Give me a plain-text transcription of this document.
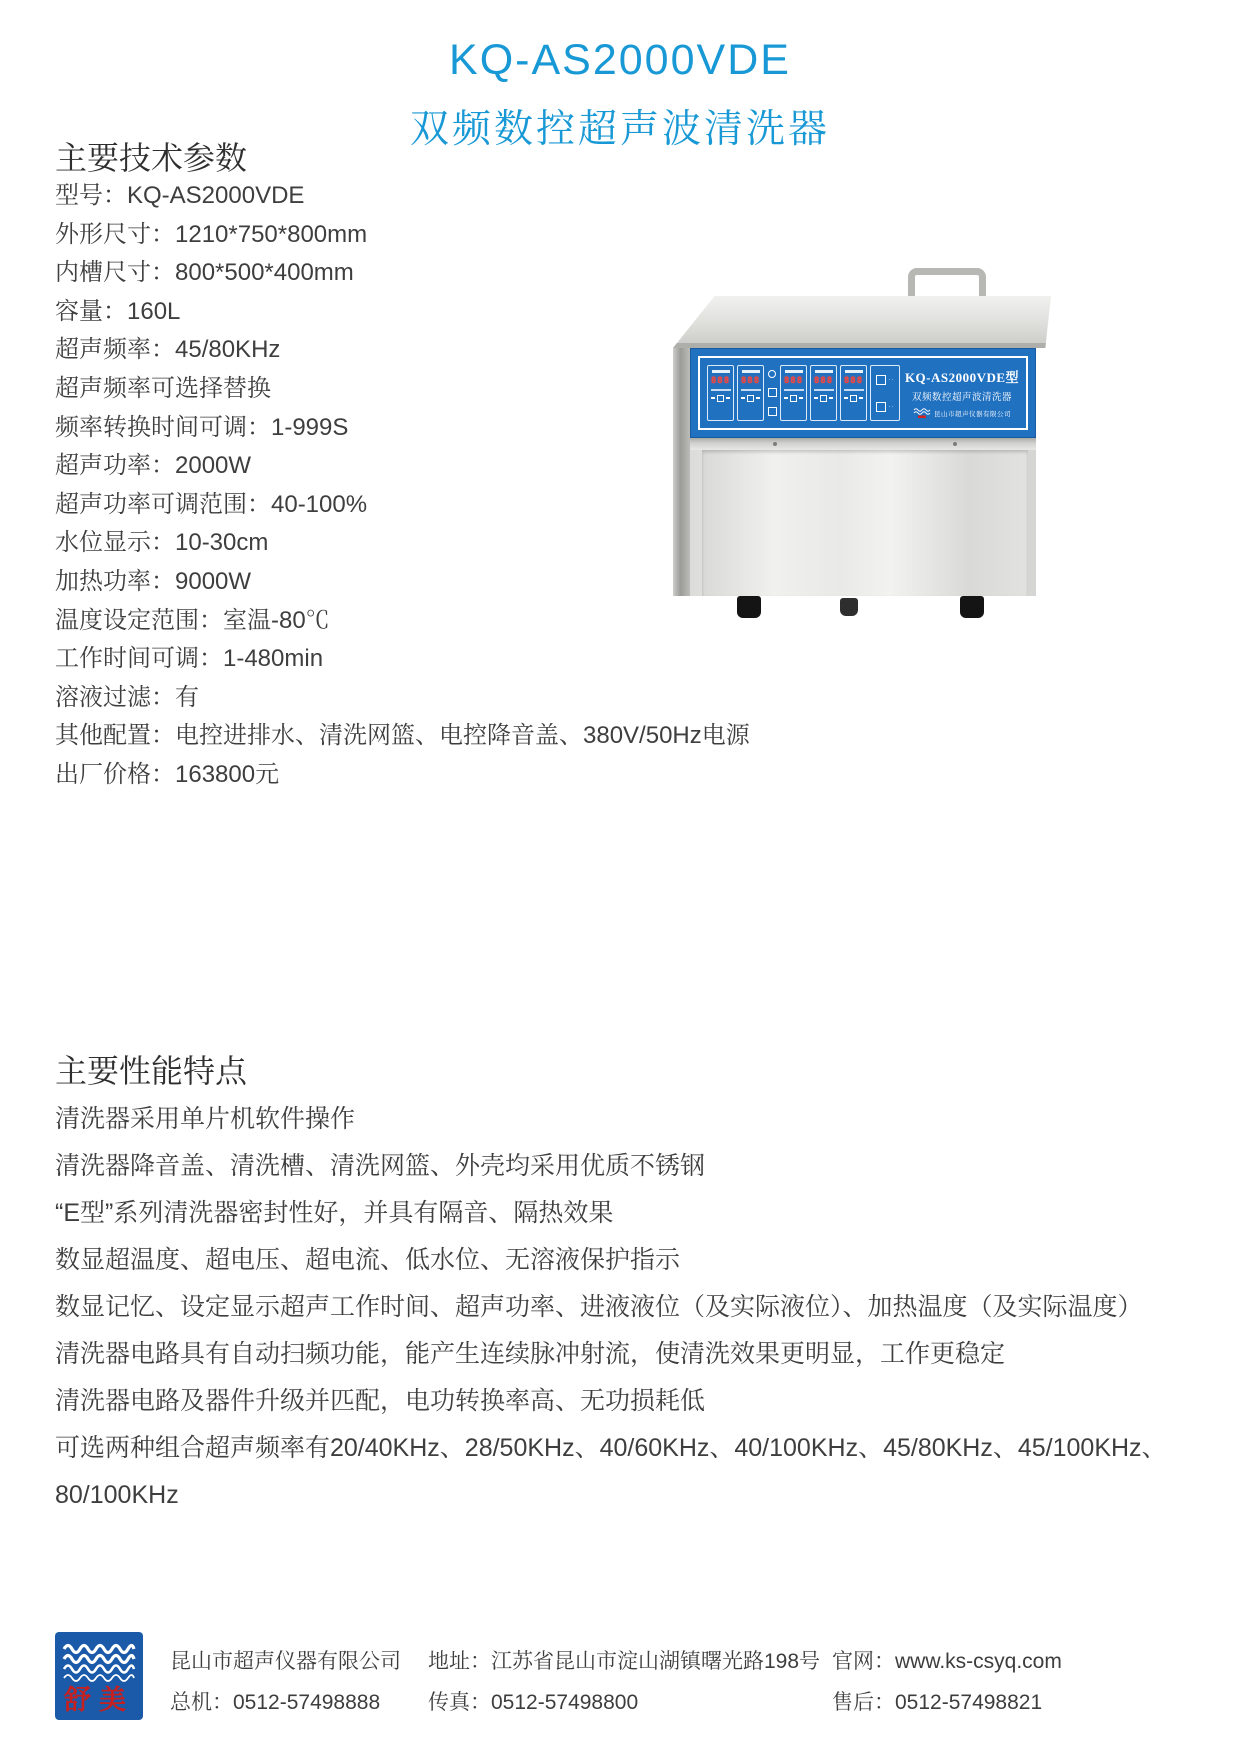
KQ-AS2000VDE
双频数控超声波清洗器
主要技术参数
型号：KQ-AS2000VDE
外形尺寸：1210*750*800mm
内槽尺寸：800*500*400mm
容量：160L
超声频率：45/80KHz
超声频率可选择替换
频率转换时间可调：1-999S
超声功率：2000W
超声功率可调范围：40-100%
水位显示：10-30cm
加热功率：9000W
温度设定范围：室温-80℃
工作时间可调：1-480min
溶液过滤：有
其他配置：电控进排水、清洗网篮、电控降音盖、380V/50Hz电源
出厂价格：163800元
888	888	888	888	888	··
··
KQ-AS2000VDE型
双频数控超声波清洗器
昆山市超声仪器有限公司
主要性能特点
清洗器采用单片机软件操作
清洗器降音盖、清洗槽、清洗网篮、外壳均采用优质不锈钢
“E型”系列清洗器密封性好，并具有隔音、隔热效果
数显超温度、超电压、超电流、低水位、无溶液保护指示
数显记忆、设定显示超声工作时间、超声功率、进液液位（及实际液位）、加热温度（及实际温度）
清洗器电路具有自动扫频功能，能产生连续脉冲射流，使清洗效果更明显，工作更稳定
清洗器电路及器件升级并匹配，电功转换率高、无功损耗低
可选两种组合超声频率有20/40KHz、28/50KHz、40/60KHz、40/100KHz、45/80KHz、45/100KHz、80/100KHz
舒美
昆山市超声仪器有限公司
总机：0512-57498888
地址：江苏省昆山市淀山湖镇曙光路198号
传真：0512-57498800
官网：www.ks-csyq.com
售后：0512-57498821
